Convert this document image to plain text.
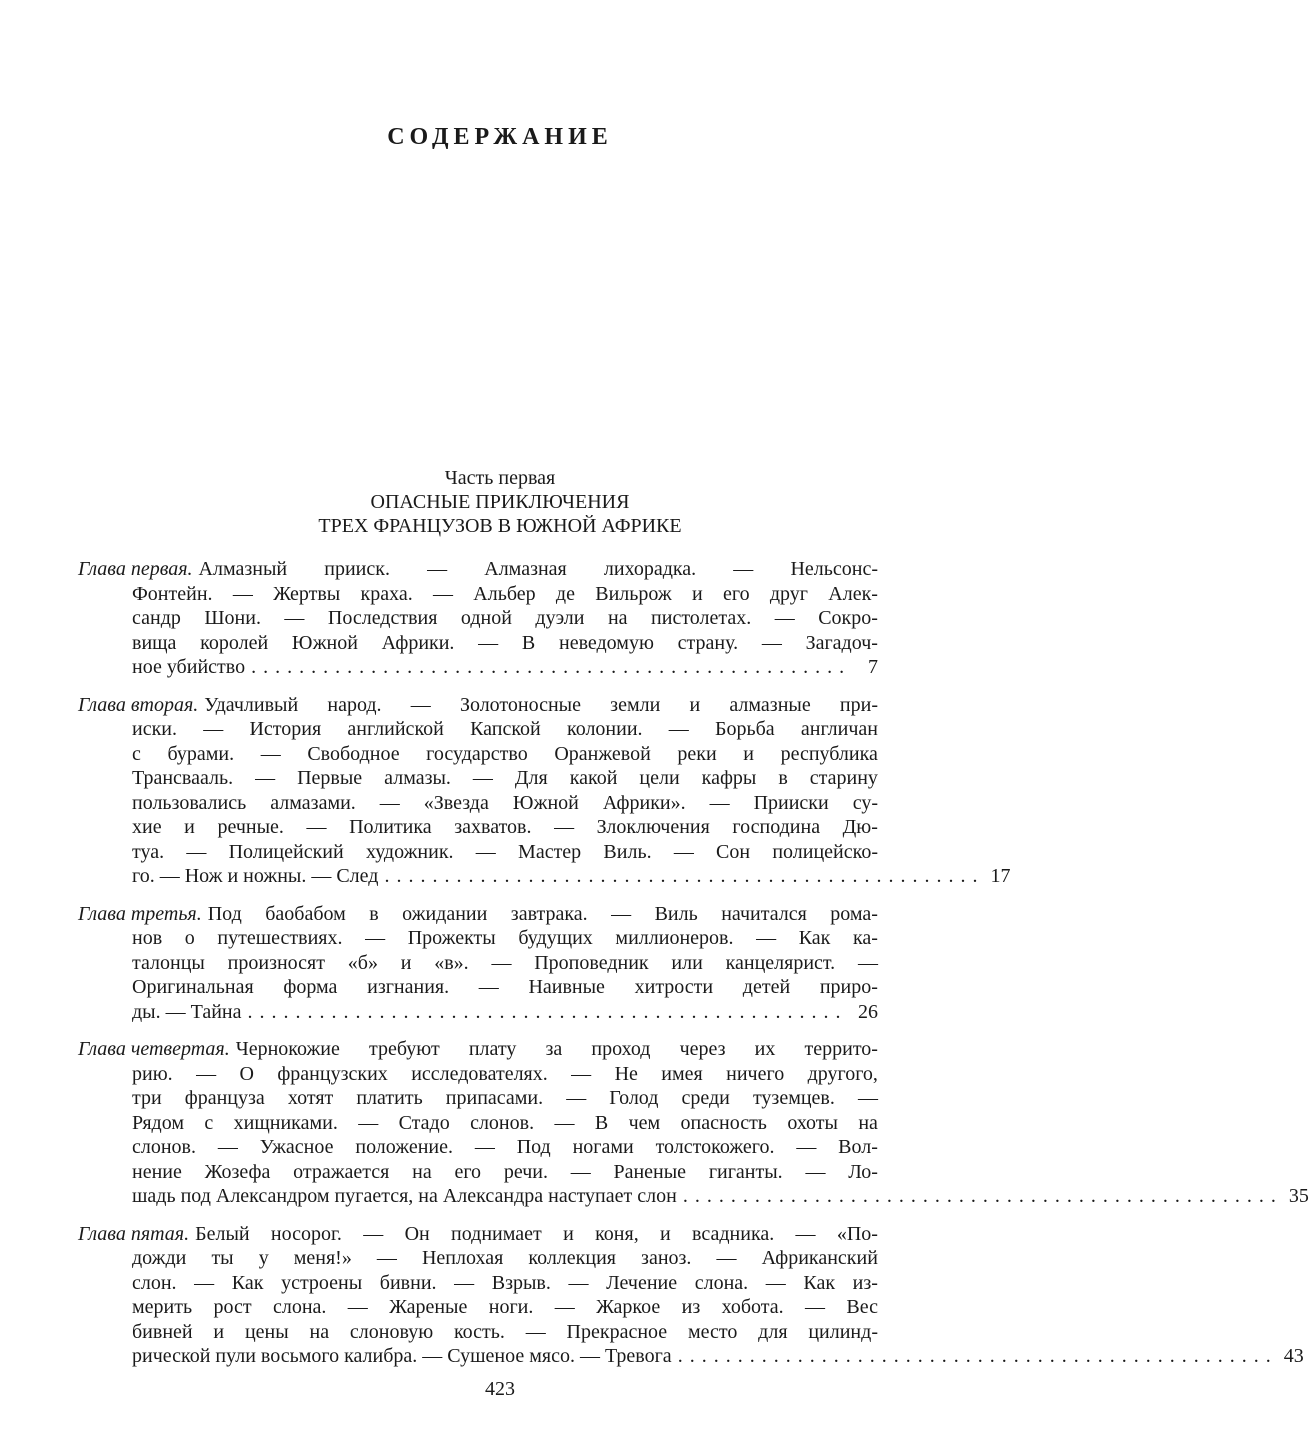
СОДЕРЖАНИЕ
Часть первая
ОПАСНЫЕ ПРИКЛЮЧЕНИЯ
ТРЕХ ФРАНЦУЗОВ В ЮЖНОЙ АФРИКЕ
Глава первая. Алмазный прииск. — Алмазная лихорадка. — Нельсонс-
Фонтейн. — Жертвы краха. — Альбер де Вильрож и его друг Алек-
сандр Шони. — Последствия одной дуэли на пистолетах. — Сокро-
вища королей Южной Африки. — В неведомую страну. — Загадоч-
ное убийство . . . . . . . . . . . . . . . . . . . . . . . . . . . . . . . . . . . . . . . . . . . . . . . . . .	7
Глава вторая. Удачливый народ. — Золотоносные земли и алмазные при-
иски. — История английской Капской колонии. — Борьба англичан
с бурами. — Свободное государство Оранжевой реки и республика
Трансвааль. — Первые алмазы. — Для какой цели кафры в старину
пользовались алмазами. — «Звезда Южной Африки». — Прииски су-
хие и речные. — Политика захватов. — Злоключения господина Дю-
туа. — Полицейский художник. — Мастер Виль. — Сон полицейско-
го. — Нож и ножны. — След . . . . . . . . . . . . . . . . . . . . . . . . . . . . . . . . . . . . . . . . . . . . . . . . . . 17
Глава третья. Под баобабом в ожидании завтрака. — Виль начитался рома-
нов о путешествиях. — Прожекты будущих миллионеров. — Как ка-
талонцы произносят «б» и «в». — Проповедник или канцелярист. —
Оригинальная форма изгнания. — Наивные хитрости детей приро-
ды. — Тайна . . . . . . . . . . . . . . . . . . . . . . . . . . . . . . . . . . . . . . . . . . . . . . . . . . 26
Глава четвертая. Чернокожие требуют плату за проход через их террито-
рию. — О французских исследователях. — Не имея ничего другого,
три француза хотят платить припасами. — Голод среди туземцев. —
Рядом с хищниками. — Стадо слонов. — В чем опасность охоты на
слонов. — Ужасное положение. — Под ногами толстокожего. — Вол-
нение Жозефа отражается на его речи. — Раненые гиганты. — Ло-
шадь под Александром пугается, на Александра наступает слон . . . . . . . . . . . . . . . . . . . . . . . . . . . . . . . . . . . . . . . . . . . . . . . . . . 35
Глава пятая. Белый носорог. — Он поднимает и коня, и всадника. — «По-
дожди ты у меня!» — Неплохая коллекция заноз. — Африканский
слон. — Как устроены бивни. — Взрыв. — Лечение слона. — Как из-
мерить рост слона. — Жареные ноги. — Жаркое из хобота. — Вес
бивней и цены на слоновую кость. — Прекрасное место для цилинд-
рической пули восьмого калибра. — Сушеное мясо. — Тревога . . . . . . . . . . . . . . . . . . . . . . . . . . . . . . . . . . . . . . . . . . . . . . . . . . 43
423
